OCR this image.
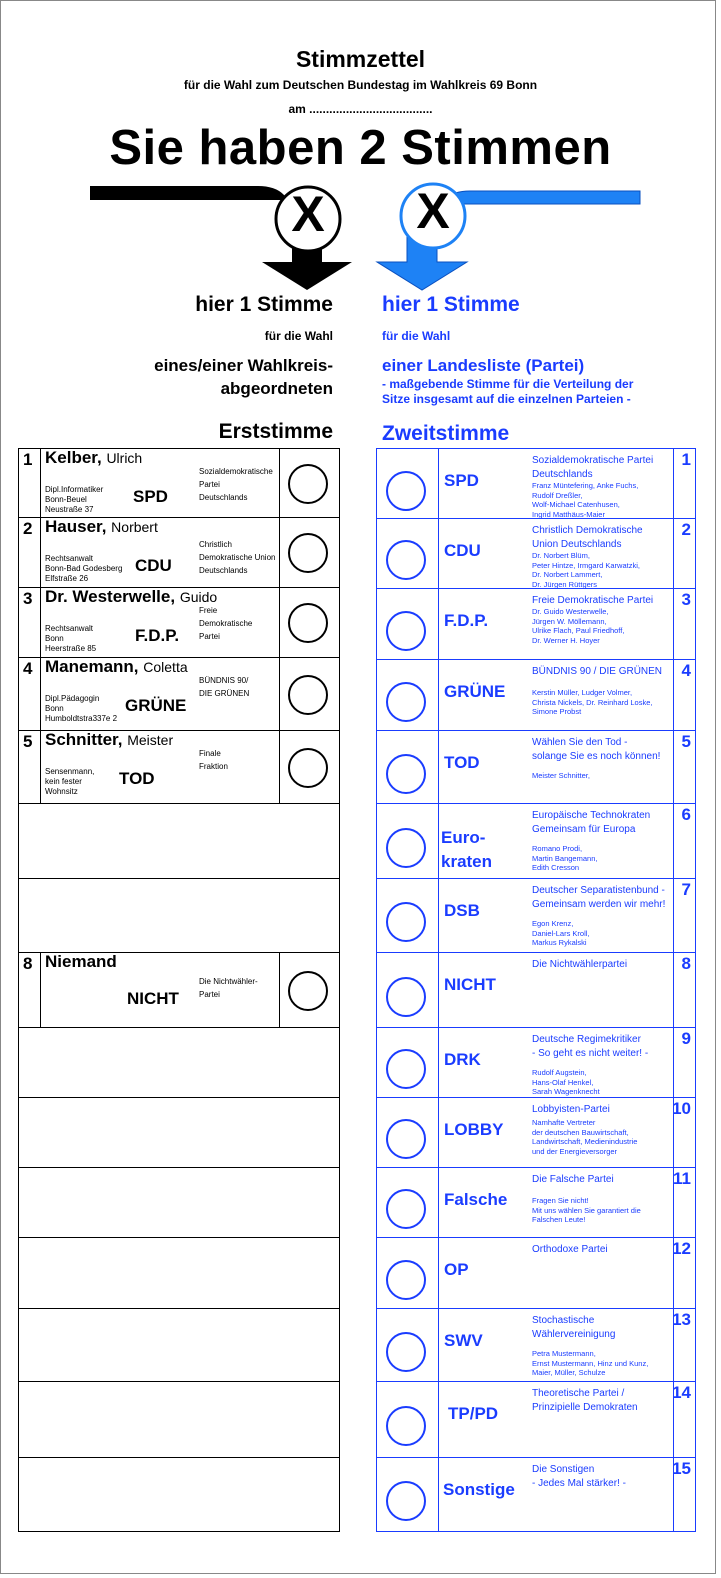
Stimmzettel
für die Wahl zum Deutschen Bundestag im Wahlkreis 69 Bonn
am .....................................
Sie haben 2 Stimmen
X	X
hier 1 Stimme
für die Wahl
eines/einer Wahlkreis-
abgeordneten
Erststimme
hier 1 Stimme
für die Wahl
einer Landesliste (Partei)
- maßgebende Stimme für die Verteilung der
Sitze insgesamt auf die einzelnen Parteien -
Zweitstimme
1 Kelber, Ulrich
Dipl.Informatiker
Bonn-Beuel
Neustraße 37
SPD
Sozialdemokratische
Partei
Deutschlands
2 Hauser, Norbert
Rechtsanwalt
Bonn-Bad Godesberg
Elfstraße 26
CDU
Christlich
Demokratische Union
Deutschlands
3 Dr. Westerwelle, Guido
Rechtsanwalt
Bonn
Heerstraße 85
F.D.P.
Freie
Demokratische
Partei
4 Manemann, Coletta
Dipl.Pädagogin
Bonn
Humboldtstra337e 2
GRÜNE
BÜNDNIS 90/
DIE GRÜNEN
5 Schnitter, Meister
Sensenmann,
kein fester
Wohnsitz
TOD
Finale
Fraktion
8 Niemand
NICHT
Die Nichtwähler-
Partei
SPD
Sozialdemokratische Partei
Deutschlands
Franz Müntefering, Anke Fuchs,
Rudolf Dreßler,
Wolf-Michael Catenhusen,
Ingrid Matthäus-Maier
1
CDU
Christlich Demokratische
Union Deutschlands
Dr. Norbert Blüm,
Peter Hintze, Irmgard Karwatzki,
Dr. Norbert Lammert,
Dr. Jürgen Rüttgers
2
F.D.P.
Freie Demokratische Partei
Dr. Guido Westerwelle,
Jürgen W. Möllemann,
Ulrike Flach, Paul Friedhoff,
Dr. Werner H. Hoyer
3
GRÜNE
BÜNDNIS 90 / DIE GRÜNEN
Kerstin Müller, Ludger Volmer,
Christa Nickels, Dr. Reinhard Loske,
Simone Probst
4
TOD
Wählen Sie den Tod -
solange Sie es noch können!
Meister Schnitter,
5
Euro-
kraten
Europäische Technokraten
Gemeinsam für Europa
Romano Prodi,
Martin Bangemann,
Edith Cresson
6
DSB
Deutscher Separatistenbund -
Gemeinsam werden wir mehr!
Egon Krenz,
Daniel-Lars Kroll,
Markus Rykalski
7
NICHT
Die Nichtwählerpartei	8
DRK
Deutsche Regimekritiker
- So geht es nicht weiter! -
Rudolf Augstein,
Hans-Olaf Henkel,
Sarah Wagenknecht
9
LOBBY
Lobbyisten-Partei
Namhafte Vertreter
der deutschen Bauwirtschaft,
Landwirtschaft, Medienindustrie
und der Energieversorger
10
Falsche
Die Falsche Partei
Fragen Sie nicht!
Mit uns wählen Sie garantiert die
Falschen Leute!
11
OP
Orthodoxe Partei	12
SWV
Stochastische
Wählervereinigung
Petra Mustermann,
Ernst Mustermann, Hinz und Kunz,
Maier, Müller, Schulze
13
TP/PD
Theoretische Partei /
Prinzipielle Demokraten
14
Sonstige
Die Sonstigen
- Jedes Mal stärker! -
15
